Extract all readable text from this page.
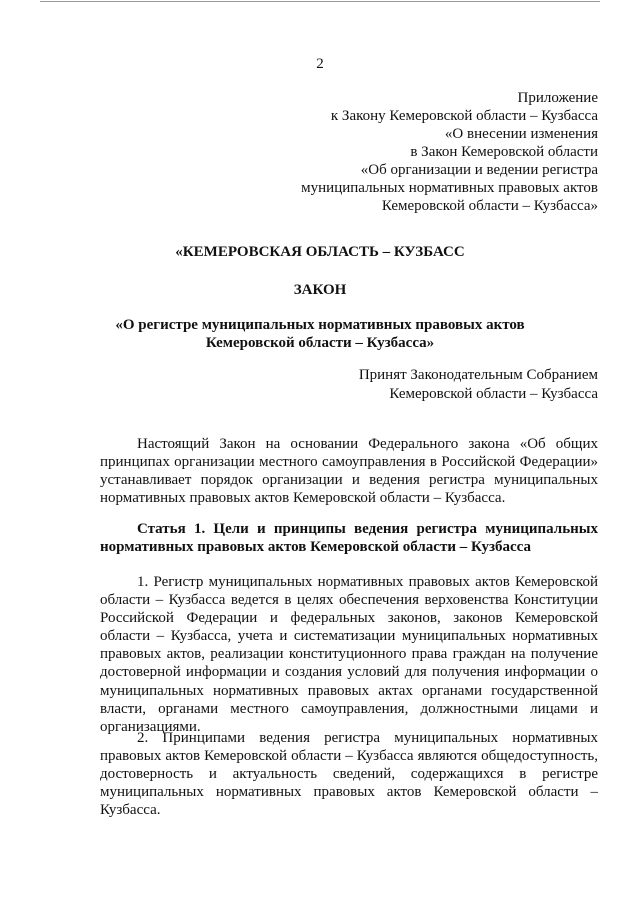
2
Приложение
к Закону Кемеровской области – Кузбасса
«О внесении изменения
в Закон Кемеровской области
«Об организации и ведении регистра
муниципальных нормативных правовых актов
Кемеровской области – Кузбасса»
«КЕМЕРОВСКАЯ ОБЛАСТЬ – КУЗБАСС
ЗАКОН
«О регистре муниципальных нормативных правовых актов
Кемеровской области – Кузбасса»
Принят Законодательным Собранием
Кемеровской области – Кузбасса

Настоящий Закон на основании Федерального закона «Об общих принципах организации местного самоуправления в Российской Федерации» устанавливает порядок организации и ведения регистра муниципальных нормативных правовых актов Кемеровской области – Кузбасса.

Статья 1. Цели и принципы ведения регистра муниципальных нормативных правовых актов Кемеровской области – Кузбасса

1. Регистр муниципальных нормативных правовых актов Кемеровской области – Кузбасса ведется в целях обеспечения верховенства Конституции Российской Федерации и федеральных законов, законов Кемеровской области – Кузбасса, учета и систематизации муниципальных нормативных правовых актов, реализации конституционного права граждан на получение достоверной информации и создания условий для получения информации о муниципальных нормативных правовых актах органами государственной власти, органами местного самоуправления, должностными лицами и организациями.

2. Принципами ведения регистра муниципальных нормативных правовых актов Кемеровской области – Кузбасса являются общедоступность, достоверность и актуальность сведений, содержащихся в регистре муниципальных нормативных правовых актов Кемеровской области – Кузбасса.
